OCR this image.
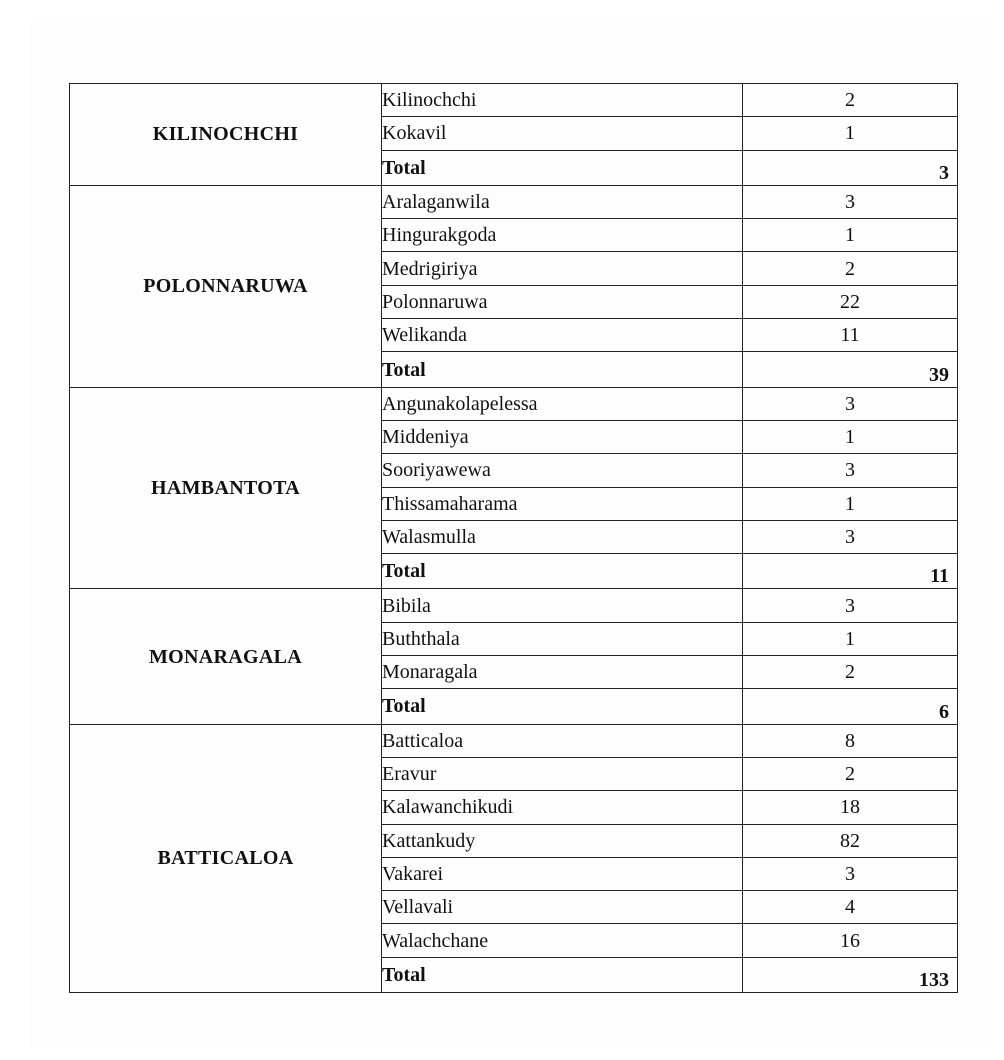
KILINOCHCHI	Kilinochchi	2
	Kokavil	1
	Total	3
POLONNARUWA	Aralaganwila	3
	Hingurakgoda	1
	Medrigiriya	2
	Polonnaruwa	22
	Welikanda	11
	Total	39
HAMBANTOTA	Angunakolapelessa	3
	Middeniya	1
	Sooriyawewa	3
	Thissamaharama	1
	Walasmulla	3
	Total	11
MONARAGALA	Bibila	3
	Buththala	1
	Monaragala	2
	Total	6
BATTICALOA	Batticaloa	8
	Eravur	2
	Kalawanchikudi	18
	Kattankudy	82
	Vakarei	3
	Vellavali	4
	Walachchane	16
	Total	133
